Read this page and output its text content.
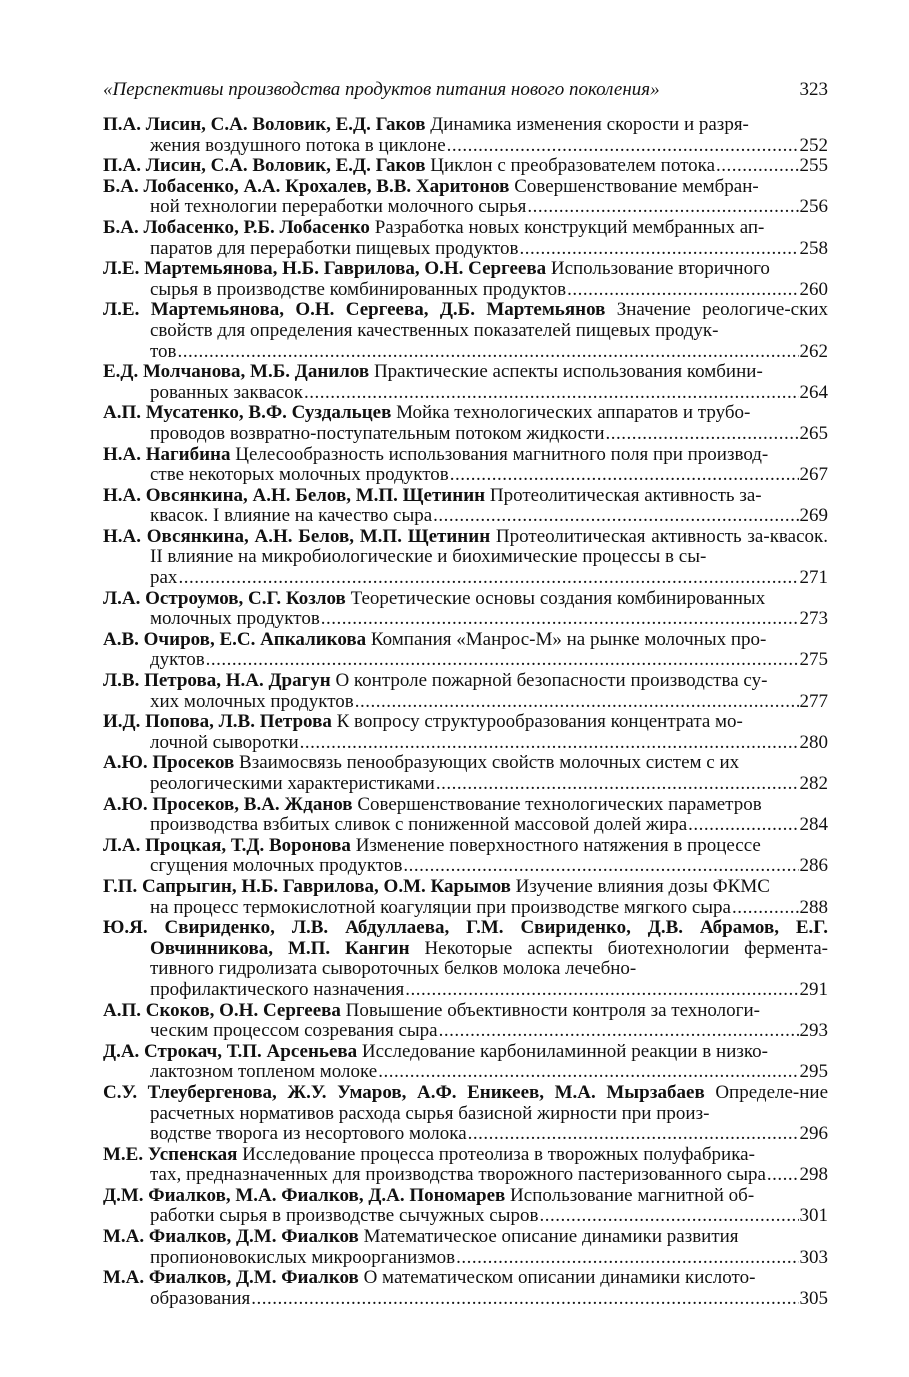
«Перспективы производства продуктов питания нового поколения»	323
П.А. Лисин, С.А. Воловик, Е.Д. Гаков Динамика изменения скорости и разря-
жения воздушного потока в циклоне .....	252
П.А. Лисин, С.А. Воловик, Е.Д. Гаков Циклон с преобразователем потока .....	255
Б.А. Лобасенко, А.А. Крохалев, В.В. Харитонов Совершенствование мембран-
ной технологии переработки молочного сырья .....	256
Б.А. Лобасенко, Р.Б. Лобасенко Разработка новых конструкций мембранных ап-
паратов для переработки пищевых продуктов .....	258
Л.Е. Мартемьянова, Н.Б. Гаврилова, О.Н. Сергеева Использование вторичного
сырья в производстве комбинированных продуктов .....	260
Л.Е. Мартемьянова, О.Н. Сергеева, Д.Б. Мартемьянов Значение реологиче-ских свойств для определения качественных показателей пищевых продук-
тов .....	262
Е.Д. Молчанова, М.Б. Данилов Практические аспекты использования комбини-
рованных заквасок .....	264
А.П. Мусатенко, В.Ф. Суздальцев Мойка технологических аппаратов и трубо-
проводов возвратно-поступательным потоком жидкости .....	265
Н.А. Нагибина Целесообразность использования магнитного поля при производ-
стве некоторых молочных продуктов .....	267
Н.А. Овсянкина, А.Н. Белов, М.П. Щетинин Протеолитическая активность за-
квасок. I влияние на качество сыра .....	269
Н.А. Овсянкина, А.Н. Белов, М.П. Щетинин Протеолитическая активность за-квасок. II влияние на микробиологические и биохимические процессы в сы-
рах .....	271
Л.А. Остроумов, С.Г. Козлов Теоретические основы создания комбинированных
молочных продуктов .....	273
А.В. Очиров, Е.С. Апкаликова Компания «Манрос-М» на рынке молочных про-
дуктов .....	275
Л.В. Петрова, Н.А. Драгун О контроле пожарной безопасности производства су-
хих молочных продуктов .....	277
И.Д. Попова, Л.В. Петрова К вопросу структурообразования концентрата мо-
лочной сыворотки .....	280
А.Ю. Просеков Взаимосвязь пенообразующих свойств молочных систем с их
реологическими характеристиками .....	282
А.Ю. Просеков, В.А. Жданов Совершенствование технологических параметров
производства взбитых сливок с пониженной массовой долей жира .....	284
Л.А. Процкая, Т.Д. Воронова Изменение поверхностного натяжения в процессе
сгущения молочных продуктов .....	286
Г.П. Сапрыгин, Н.Б. Гаврилова, О.М. Карымов Изучение влияния дозы ФКМС
на процесс термокислотной коагуляции при производстве мягкого сыра .....	288
Ю.Я. Свириденко, Л.В. Абдуллаева, Г.М. Свириденко, Д.В. Абрамов, Е.Г. Овчинникова, М.П. Кангин Некоторые аспекты биотехнологии фермента-тивного гидролизата сывороточных белков молока лечебно-
профилактического назначения .....	291
А.П. Скоков, О.Н. Сергеева Повышение объективности контроля за технологи-
ческим процессом созревания сыра .....	293
Д.А. Строкач, Т.П. Арсеньева Исследование карбониламинной реакции в низко-
лактозном топленом молоке .....	295
С.У. Тлеубергенова, Ж.У. Умаров, А.Ф. Еникеев, М.А. Мырзабаев Определе-ние расчетных нормативов расхода сырья базисной жирности при произ-
водстве творога из несортового молока .....	296
М.Е. Успенская Исследование процесса протеолиза в творожных полуфабрика-
тах, предназначенных для производства творожного пастеризованного сыра ..... 298
Д.М. Фиалков, М.А. Фиалков, Д.А. Пономарев Использование магнитной об-
работки сырья в производстве сычужных сыров .....	301
М.А. Фиалков, Д.М. Фиалков Математическое описание динамики развития
пропионовокислых микроорганизмов .....	303
М.А. Фиалков, Д.М. Фиалков О математическом описании динамики кислото-
образования .....	305
